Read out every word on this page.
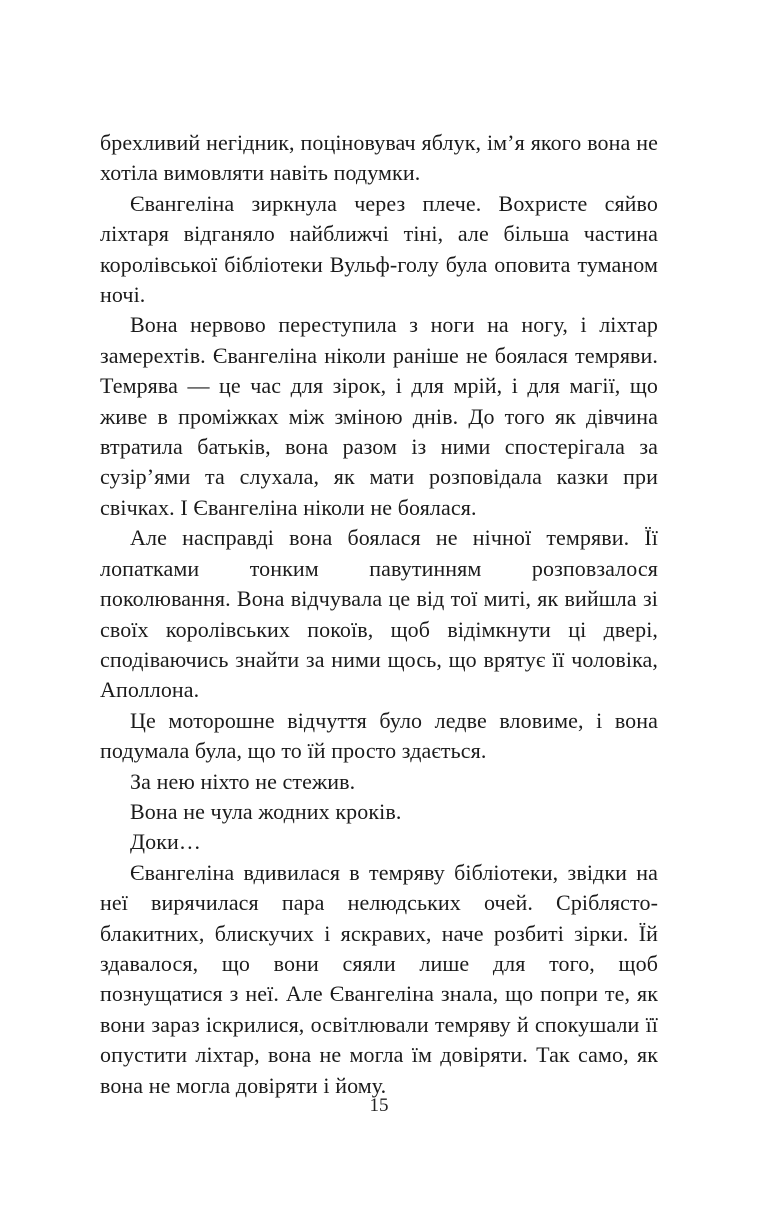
брехливий негідник, поціновувач яблук, ім’я якого вона не хотіла вимовляти навіть подумки.

Євангеліна зиркнула через плече. Вохристе сяйво ліхтаря відганяло найближчі тіні, але більша частина королівської бібліотеки Вульф-голу була оповита туманом ночі.

Вона нервово переступила з ноги на ногу, і ліхтар замерехтів. Євангеліна ніколи раніше не боялася темряви. Темрява — це час для зірок, і для мрій, і для магії, що живе в проміжках між зміною днів. До того як дівчина втратила батьків, вона разом із ними спостерігала за сузір’ями та слухала, як мати розповідала казки при свічках. І Євангеліна ніколи не боялася.

Але насправді вона боялася не нічної темряви. Її лопатками тонким павутинням розповзалося поколювання. Вона відчувала це від тої миті, як вийшла зі своїх королівських покоїв, щоб відімкнути ці двері, сподіваючись знайти за ними щось, що врятує її чоловіка, Аполлона.

Це моторошне відчуття було ледве вловиме, і вона подумала була, що то їй просто здається.

За нею ніхто не стежив.

Вона не чула жодних кроків.

Доки…

Євангеліна вдивилася в темряву бібліотеки, звідки на неї вирячилася пара нелюдських очей. Сріблясто-блакитних, блискучих і яскравих, наче розбиті зірки. Їй здавалося, що вони сяяли лише для того, щоб познущатися з неї. Але Євангеліна знала, що попри те, як вони зараз іскрилися, освітлювали темряву й спокушали її опустити ліхтар, вона не могла їм довіряти. Так само, як вона не могла довіряти і йому.

15
